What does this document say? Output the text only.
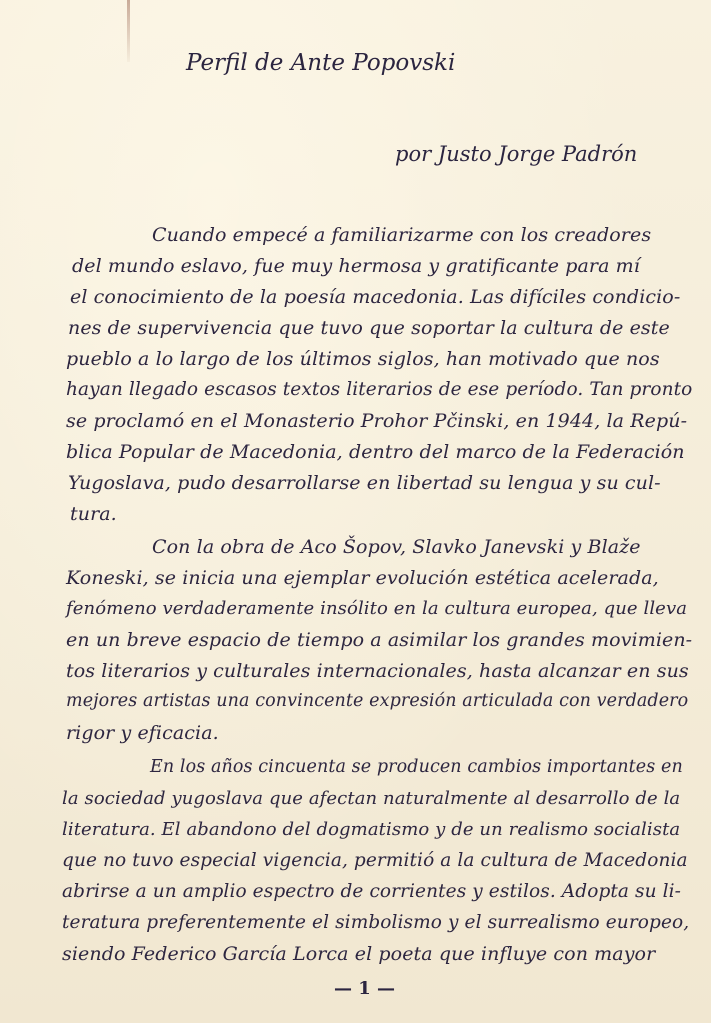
Perfil de Ante Popovski
por Justo Jorge Padrón
Cuando empecé a familiarizarme con los creadores
del mundo eslavo, fue muy hermosa y gratificante para mí
el conocimiento de la poesía macedonia. Las difíciles condicio-
nes de supervivencia que tuvo que soportar la cultura de este
pueblo a lo largo de los últimos siglos, han motivado que nos
hayan llegado escasos textos literarios de ese período. Tan pronto
se proclamó en el Monasterio Prohor Pčinski, en 1944, la Repú-
blica Popular de Macedonia, dentro del marco de la Federación
Yugoslava, pudo desarrollarse en libertad su lengua y su cul-
tura.
Con la obra de Aco Šopov, Slavko Janevski y Blaže
Koneski, se inicia una ejemplar evolución estética acelerada,
fenómeno verdaderamente insólito en la cultura europea, que lleva
en un breve espacio de tiempo a asimilar los grandes movimien-
tos literarios y culturales internacionales, hasta alcanzar en sus
mejores artistas una convincente expresión articulada con verdadero
rigor y eficacia.
En los años cincuenta se producen cambios importantes en
la sociedad yugoslava que afectan naturalmente al desarrollo de la
literatura. El abandono del dogmatismo y de un realismo socialista
que no tuvo especial vigencia, permitió a la cultura de Macedonia
abrirse a un amplio espectro de corrientes y estilos. Adopta su li-
teratura preferentemente el simbolismo y el surrealismo europeo,
siendo Federico García Lorca el poeta que influye con mayor
— 1 —
